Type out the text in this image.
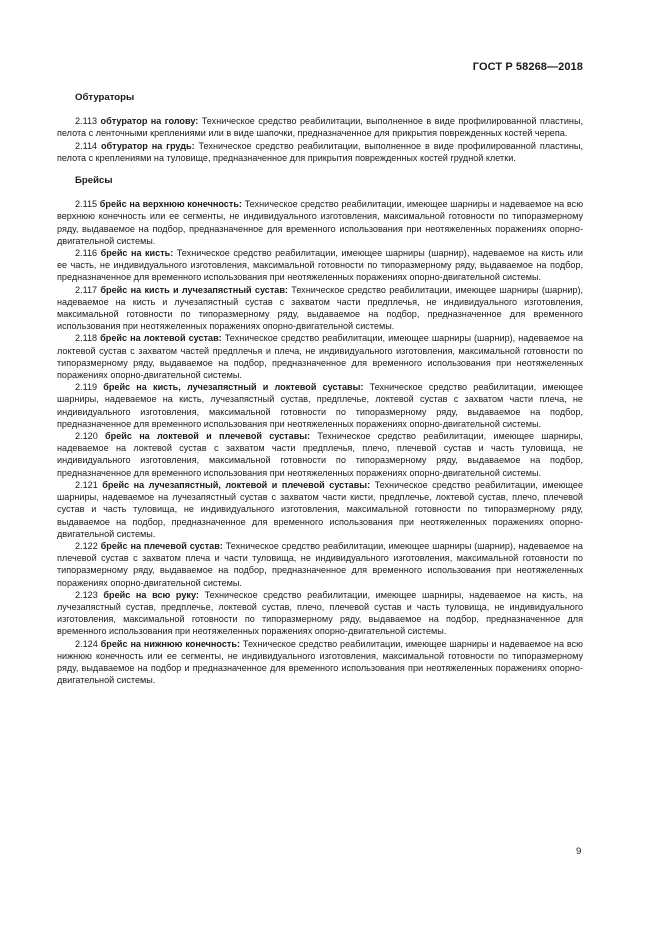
ГОСТ Р 58268—2018
Обтураторы

2.113 обтуратор на голову: Техническое средство реабилитации, выполненное в виде профилированной пластины, пелота с ленточными креплениями или в виде шапочки, предназначенное для прикрытия поврежденных костей черепа.

2.114 обтуратор на грудь: Техническое средство реабилитации, выполненное в виде профилированной пластины, пелота с креплениями на туловище, предназначенное для прикрытия поврежденных костей грудной клетки.

Брейсы

2.115 брейс на верхнюю конечность: Техническое средство реабилитации, имеющее шарниры и надеваемое на всю верхнюю конечность или ее сегменты, не индивидуального изготовления, максимальной готовности по типоразмерному ряду, выдаваемое на подбор, предназначенное для временного использования при неотяжеленных поражениях опорно-двигательной системы.

2.116 брейс на кисть: Техническое средство реабилитации, имеющее шарниры (шарнир), надеваемое на кисть или ее часть, не индивидуального изготовления, максимальной готовности по типоразмерному ряду, выдаваемое на подбор, предназначенное для временного использования при неотяжеленных поражениях опорно-двигательной системы.

2.117 брейс на кисть и лучезапястный сустав: Техническое средство реабилитации, имеющее шарниры (шарнир), надеваемое на кисть и лучезапястный сустав с захватом части предплечья, не индивидуального изготовления, максимальной готовности по типоразмерному ряду, выдаваемое на подбор, предназначенное для временного использования при неотяжеленных поражениях опорно-двигательной системы.

2.118 брейс на локтевой сустав: Техническое средство реабилитации, имеющее шарниры (шарнир), надеваемое на локтевой сустав с захватом частей предплечья и плеча, не индивидуального изготовления, максимальной готовности по типоразмерному ряду, выдаваемое на подбор, предназначенное для временного использования при неотяжеленных поражениях опорно-двигательной системы.

2.119 брейс на кисть, лучезапястный и локтевой суставы: Техническое средство реабилитации, имеющее шарниры, надеваемое на кисть, лучезапястный сустав, предплечье, локтевой сустав с захватом части плеча, не индивидуального изготовления, максимальной готовности по типоразмерному ряду, выдаваемое на подбор, предназначенное для временного использования при неотяжеленных поражениях опорно-двигательной системы.

2.120 брейс на локтевой и плечевой суставы: Техническое средство реабилитации, имеющее шарниры, надеваемое на локтевой сустав с захватом части предплечья, плечо, плечевой сустав и часть туловища, не индивидуального изготовления, максимальной готовности по типоразмерному ряду, выдаваемое на подбор, предназначенное для временного использования при неотяжеленных поражениях опорно-двигательной системы.

2.121 брейс на лучезапястный, локтевой и плечевой суставы: Техническое средство реабилитации, имеющее шарниры, надеваемое на лучезапястный сустав с захватом части кисти, предплечье, локтевой сустав, плечо, плечевой сустав и часть туловища, не индивидуального изготовления, максимальной готовности по типоразмерному ряду, выдаваемое на подбор, предназначенное для временного использования при неотяжеленных поражениях опорно-двигательной системы.

2.122 брейс на плечевой сустав: Техническое средство реабилитации, имеющее шарниры (шарнир), надеваемое на плечевой сустав с захватом плеча и части туловища, не индивидуального изготовления, максимальной готовности по типоразмерному ряду, выдаваемое на подбор, предназначенное для временного использования при неотяжеленных поражениях опорно-двигательной системы.

2.123 брейс на всю руку: Техническое средство реабилитации, имеющее шарниры, надеваемое на кисть, на лучезапястный сустав, предплечье, локтевой сустав, плечо, плечевой сустав и часть туловища, не индивидуального изготовления, максимальной готовности по типоразмерному ряду, выдаваемое на подбор, предназначенное для временного использования при неотяжеленных поражениях опорно-двигательной системы.

2.124 брейс на нижнюю конечность: Техническое средство реабилитации, имеющее шарниры и надеваемое на всю нижнюю конечность или ее сегменты, не индивидуального изготовления, максимальной готовности по типоразмерному ряду, выдаваемое на подбор и предназначенное для временного использования при неотяжеленных поражениях опорно-двигательной системы.

9
